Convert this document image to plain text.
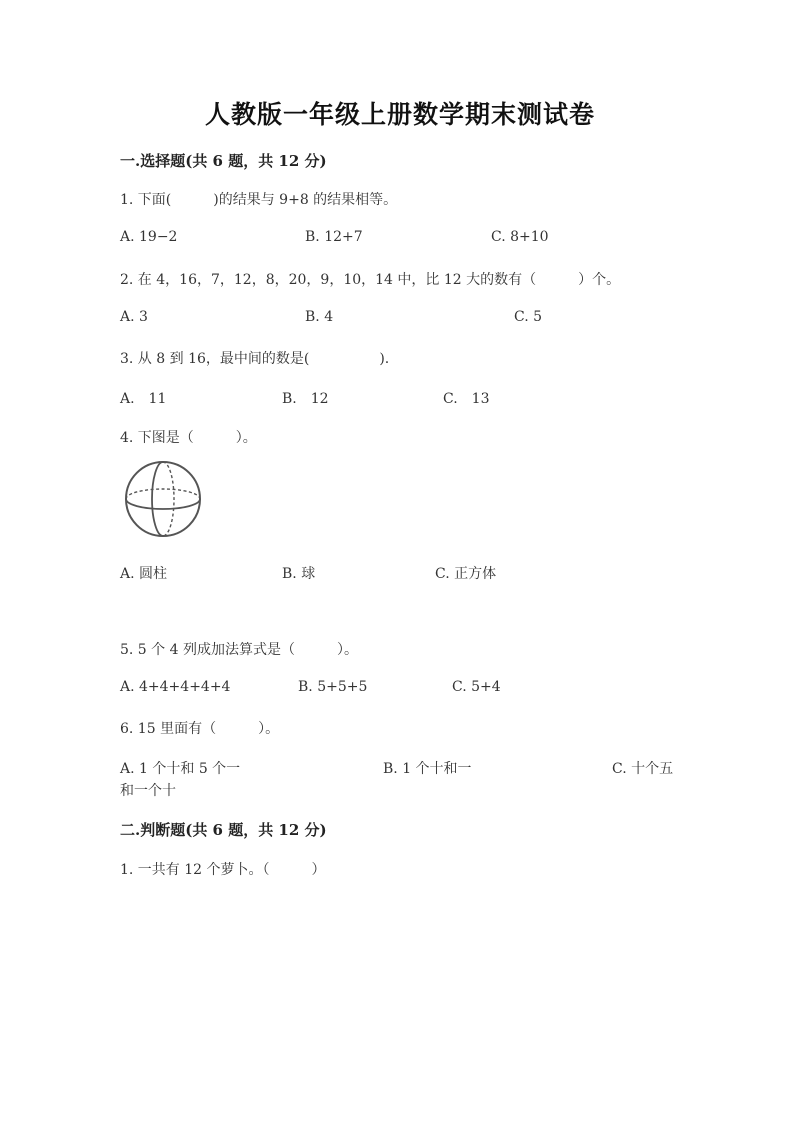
人教版一年级上册数学期末测试卷
一.选择题(共 6 题，共 12 分)
1. 下面(　　　)的结果与 9+8 的结果相等。
A. 19−2	B. 12+7	C. 8+10
2. 在 4，16，7，12，8，20，9，10，14 中，比 12 大的数有（　　　）个。
A. 3	B. 4	C. 5
3. 从 8 到 16，最中间的数是(　　　　　).
A.　11	B.　12	C.　13
4. 下图是（　　　）。
A. 圆柱	B. 球	C. 正方体
5. 5 个 4 列成加法算式是（　　　）。
A. 4+4+4+4+4	B. 5+5+5	C. 5+4
6. 15 里面有（　　　）。
A. 1 个十和 5 个一	B. 1 个十和一	C. 十个五
和一个十
二.判断题(共 6 题，共 12 分)
1. 一共有 12 个萝卜。（　　　）
